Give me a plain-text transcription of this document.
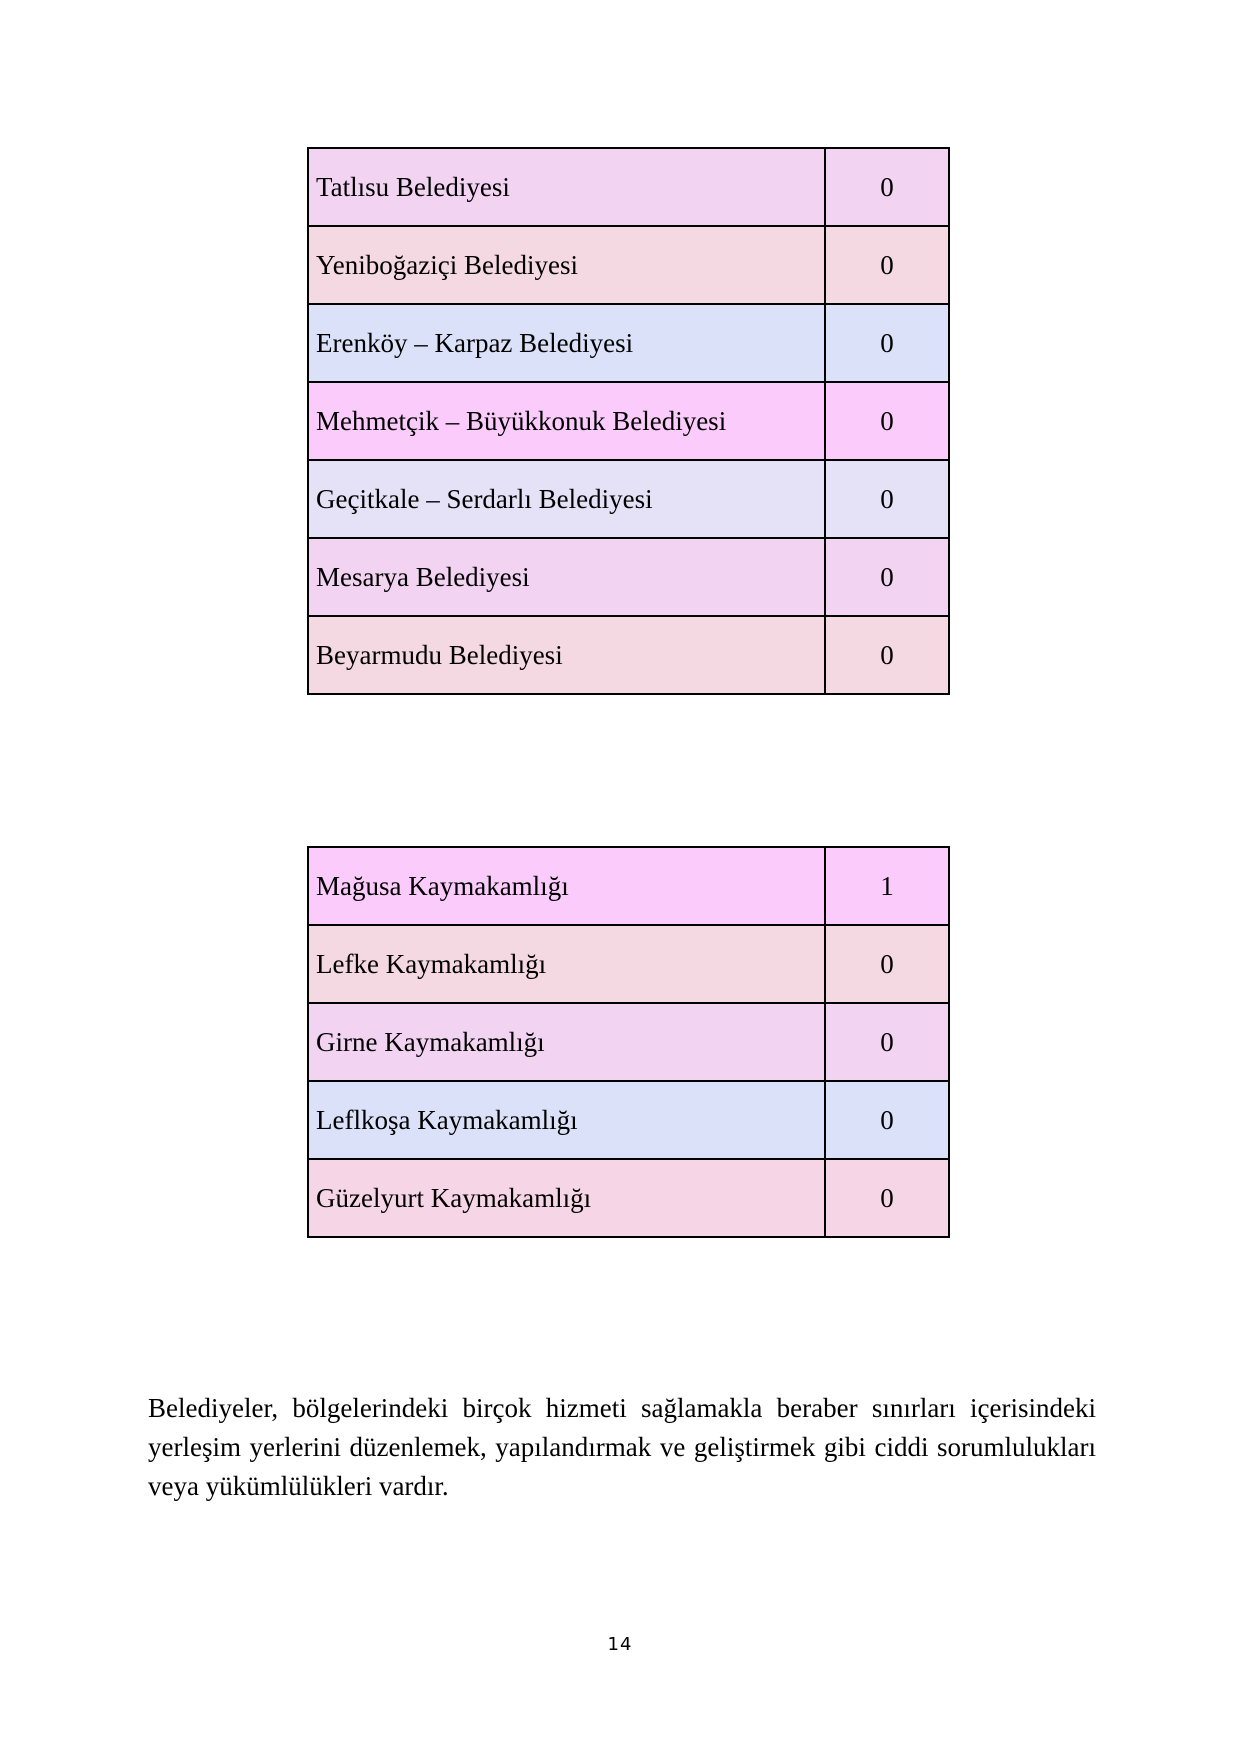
Tatlısu Belediyesi	0
Yeniboğaziçi Belediyesi	0
Erenköy – Karpaz Belediyesi	0
Mehmetçik – Büyükkonuk Belediyesi	0
Geçitkale – Serdarlı Belediyesi	0
Mesarya Belediyesi	0
Beyarmudu Belediyesi	0
Mağusa Kaymakamlığı	1
Lefke Kaymakamlığı	0
Girne Kaymakamlığı	0
Leflkoşa Kaymakamlığı	0
Güzelyurt Kaymakamlığı	0

Belediyeler, bölgelerindeki birçok hizmeti sağlamakla beraber sınırları içerisindeki yerleşim yerlerini düzenlemek, yapılandırmak ve geliştirmek gibi ciddi sorumlulukları veya yükümlülükleri vardır.

14
